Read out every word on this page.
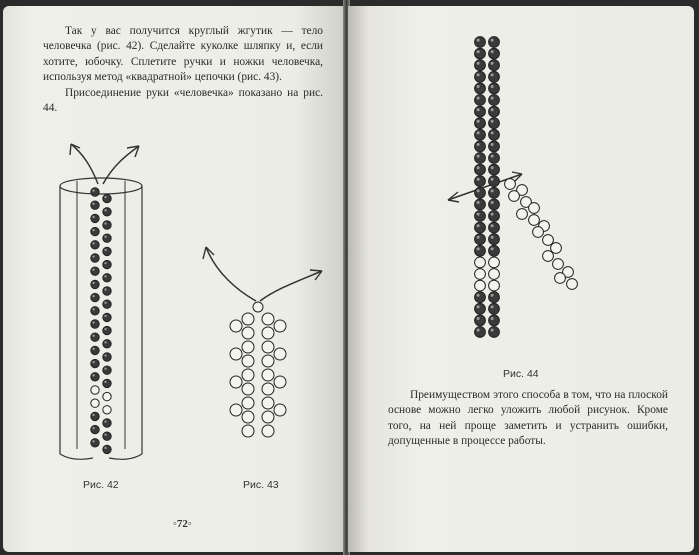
Так у вас получится круглый жгутик — тело человечка (рис. 42). Сделайте куколке шляпку и, если хотите, юбочку. Сплетите ручки и ножки человечка, используя метод «квадратной» цепочки (рис. 43).

Присоединение руки «человечка» показано на рис. 44.

Рис. 42	Рис. 43
◦72◦
Рис. 44

Преимуществом этого способа в том, что на плоской основе можно легко уложить любой рисунок. Кроме того, на ней проще заметить и устранить ошибки, допущенные в процессе работы.
